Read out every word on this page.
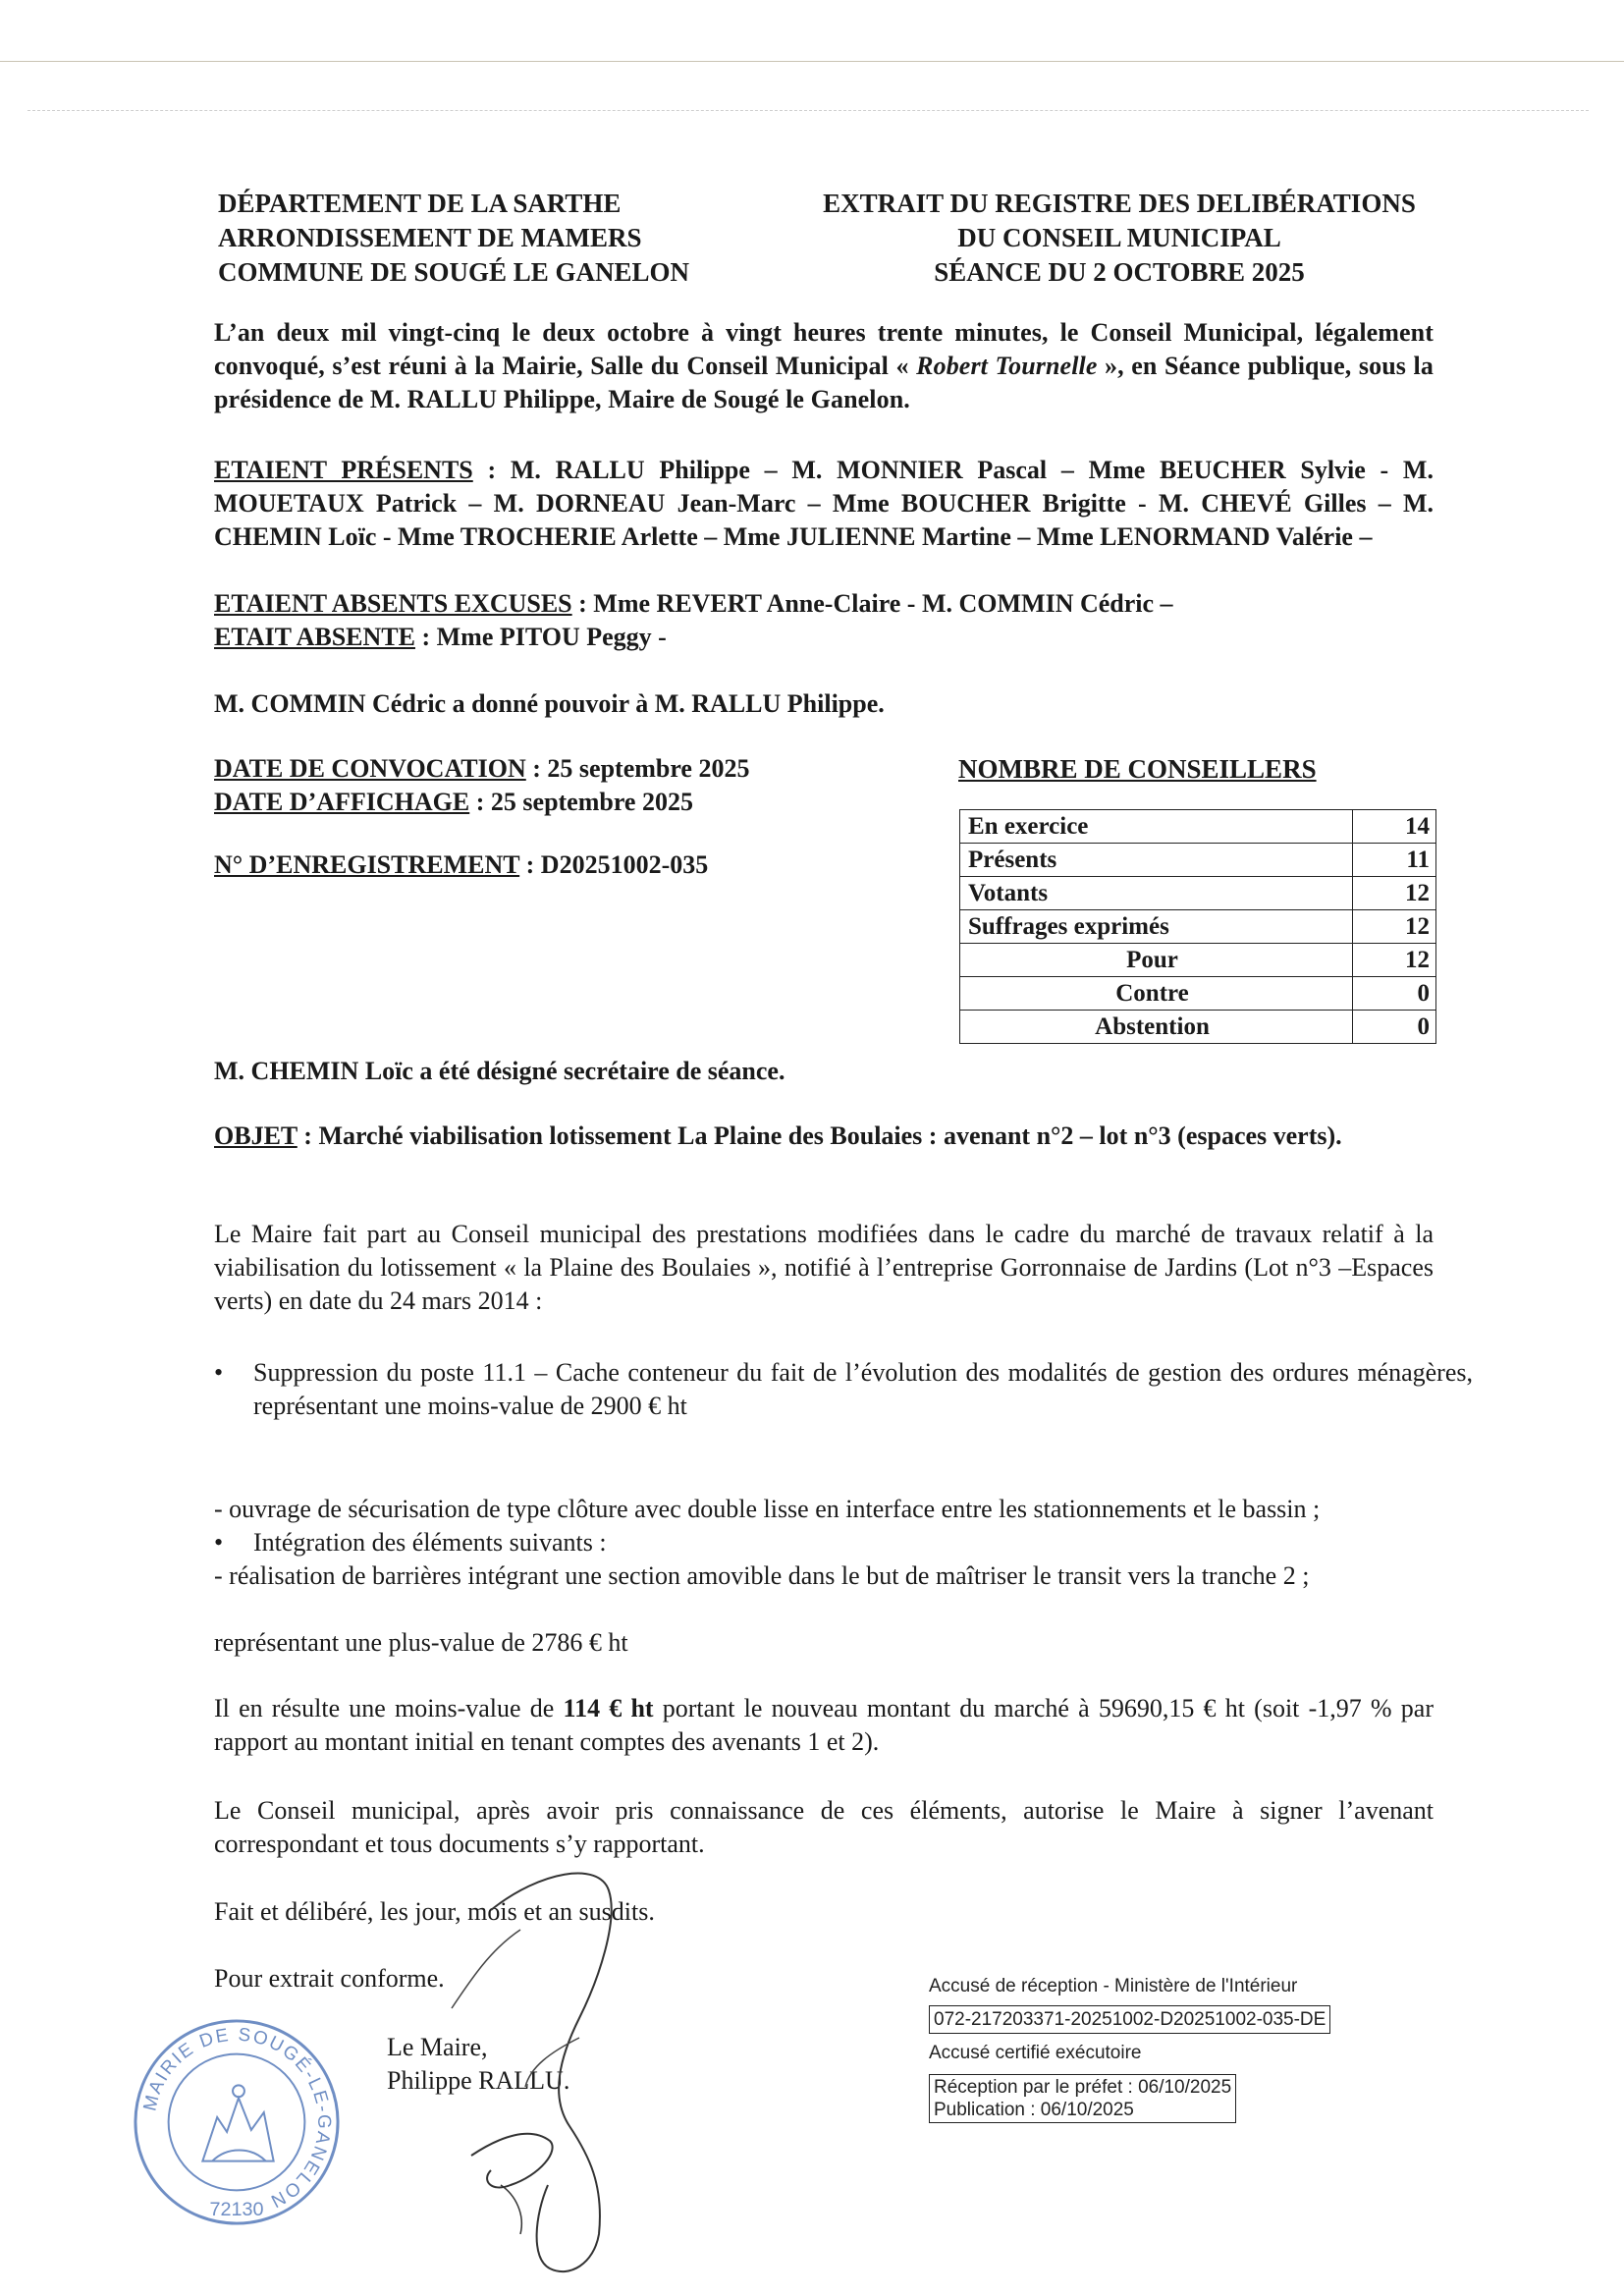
DÉPARTEMENT DE LA SARTHE
ARRONDISSEMENT DE MAMERS
COMMUNE DE SOUGÉ LE GANELON
EXTRAIT DU REGISTRE DES DELIBÉRATIONS
DU CONSEIL MUNICIPAL
SÉANCE DU 2 OCTOBRE 2025
L’an deux mil vingt-cinq le deux octobre à vingt heures trente minutes, le Conseil Municipal, légalement convoqué, s’est réuni à la Mairie, Salle du Conseil Municipal « Robert Tournelle », en Séance publique, sous la présidence de M. RALLU Philippe, Maire de Sougé le Ganelon.
ETAIENT PRÉSENTS : M. RALLU Philippe – M. MONNIER Pascal – Mme BEUCHER Sylvie - M. MOUETAUX Patrick – M. DORNEAU Jean-Marc – Mme BOUCHER Brigitte - M. CHEVÉ Gilles – M. CHEMIN Loïc - Mme TROCHERIE Arlette – Mme JULIENNE Martine – Mme LENORMAND Valérie –
ETAIENT ABSENTS EXCUSES : Mme REVERT Anne-Claire - M. COMMIN Cédric –
ETAIT ABSENTE : Mme PITOU Peggy -
M. COMMIN Cédric a donné pouvoir à M. RALLU Philippe.
DATE DE CONVOCATION : 25 septembre 2025
DATE D’AFFICHAGE : 25 septembre 2025
N° D’ENREGISTREMENT : D20251002-035
NOMBRE DE CONSEILLERS
En exercice	14
Présents	11
Votants	12
Suffrages exprimés	12
Pour	12
Contre	0
Abstention	0
M. CHEMIN Loïc a été désigné secrétaire de séance.
OBJET : Marché viabilisation lotissement La Plaine des Boulaies : avenant n°2 – lot n°3 (espaces verts).
Le Maire fait part au Conseil municipal des prestations modifiées dans le cadre du marché de travaux relatif à la viabilisation du lotissement « la Plaine des Boulaies », notifié à l’entreprise Gorronnaise de Jardins (Lot n°3 –Espaces verts) en date du 24 mars 2014 :
• Suppression du poste 11.1 – Cache conteneur du fait de l’évolution des modalités de gestion des ordures ménagères, représentant une moins-value de 2900 € ht
• Intégration des éléments suivants :
- ouvrage de sécurisation de type clôture avec double lisse en interface entre les stationnements et le bassin ;
- réalisation de barrières intégrant une section amovible dans le but de maîtriser le transit vers la tranche 2 ;
représentant une plus-value de 2786 € ht
Il en résulte une moins-value de 114 € ht portant le nouveau montant du marché à 59690,15 € ht (soit -1,97 % par rapport au montant initial en tenant comptes des avenants 1 et 2).
Le Conseil municipal, après avoir pris connaissance de ces éléments, autorise le Maire à signer l’avenant correspondant et tous documents s’y rapportant.
Fait et délibéré, les jour, mois et an susdits.
Pour extrait conforme.
Le Maire,
Philippe RALLU.
MAIRIE DE SOUGÉ-LE-GANELON
72130
Accusé de réception - Ministère de l'Intérieur
072-217203371-20251002-D20251002-035-DE
Accusé certifié exécutoire
Réception par le préfet : 06/10/2025
Publication : 06/10/2025
